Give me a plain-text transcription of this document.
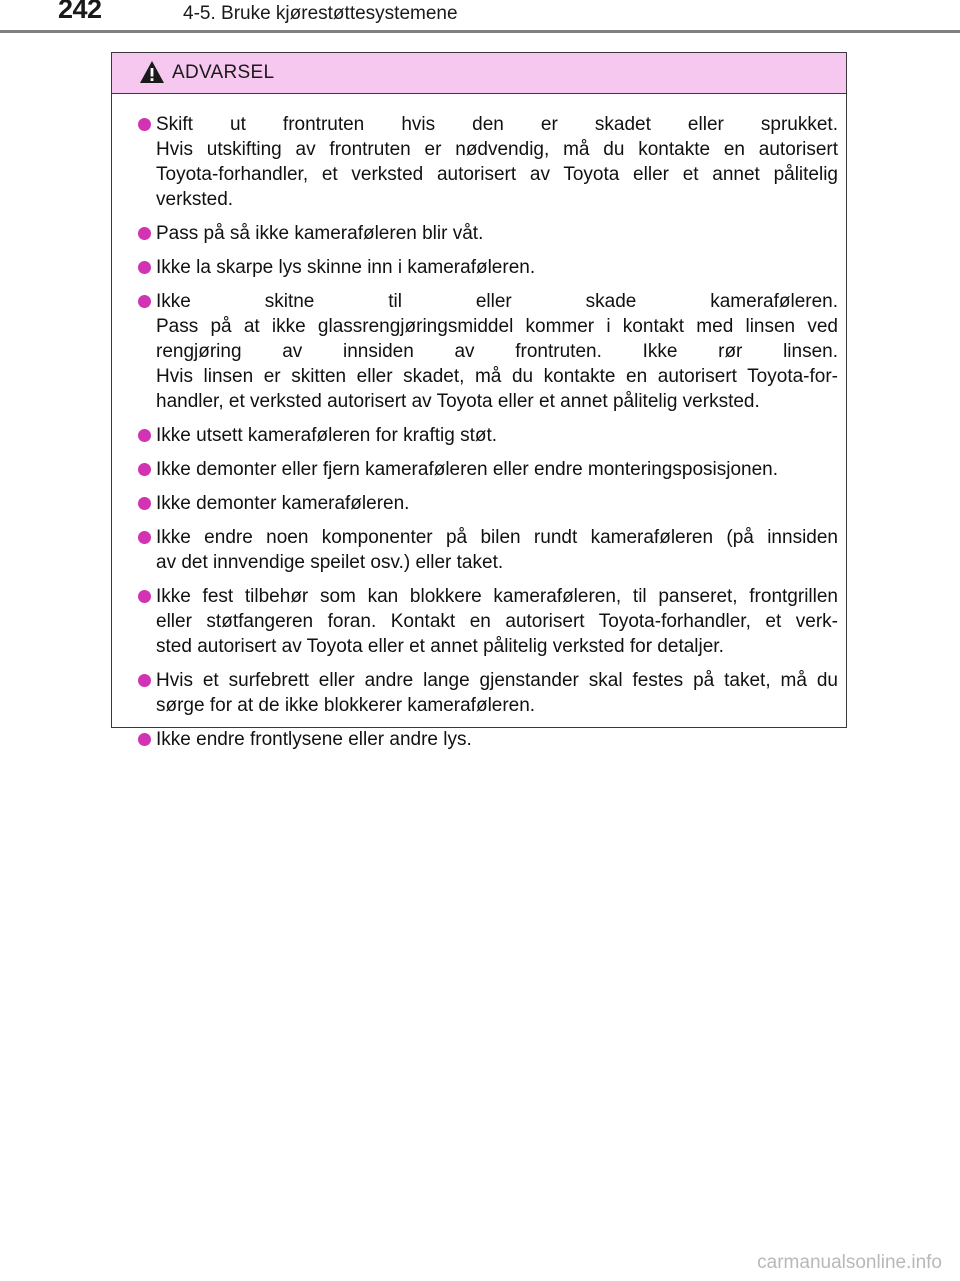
242	4-5. Bruke kjørestøttesystemene
ADVARSEL
Skift ut frontruten hvis den er skadet eller sprukket.
Hvis utskifting av frontruten er nødvendig, må du kontakte en autorisert
Toyota-forhandler, et verksted autorisert av Toyota eller et annet pålitelig
verksted.
Pass på så ikke kameraføleren blir våt.
Ikke la skarpe lys skinne inn i kameraføleren.
Ikke skitne til eller skade kameraføleren.
Pass på at ikke glassrengjøringsmiddel kommer i kontakt med linsen ved
rengjøring av innsiden av frontruten. Ikke rør linsen.
Hvis linsen er skitten eller skadet, må du kontakte en autorisert Toyota-for-
handler, et verksted autorisert av Toyota eller et annet pålitelig verksted.
Ikke utsett kameraføleren for kraftig støt.
Ikke demonter eller fjern kameraføleren eller endre monteringsposisjonen.
Ikke demonter kameraføleren.
Ikke endre noen komponenter på bilen rundt kameraføleren (på innsiden
av det innvendige speilet osv.) eller taket.
Ikke fest tilbehør som kan blokkere kameraføleren, til panseret, frontgrillen
eller støtfangeren foran. Kontakt en autorisert Toyota-forhandler, et verk-
sted autorisert av Toyota eller et annet pålitelig verksted for detaljer.
Hvis et surfebrett eller andre lange gjenstander skal festes på taket, må du
sørge for at de ikke blokkerer kameraføleren.
Ikke endre frontlysene eller andre lys.
carmanualsonline.info
